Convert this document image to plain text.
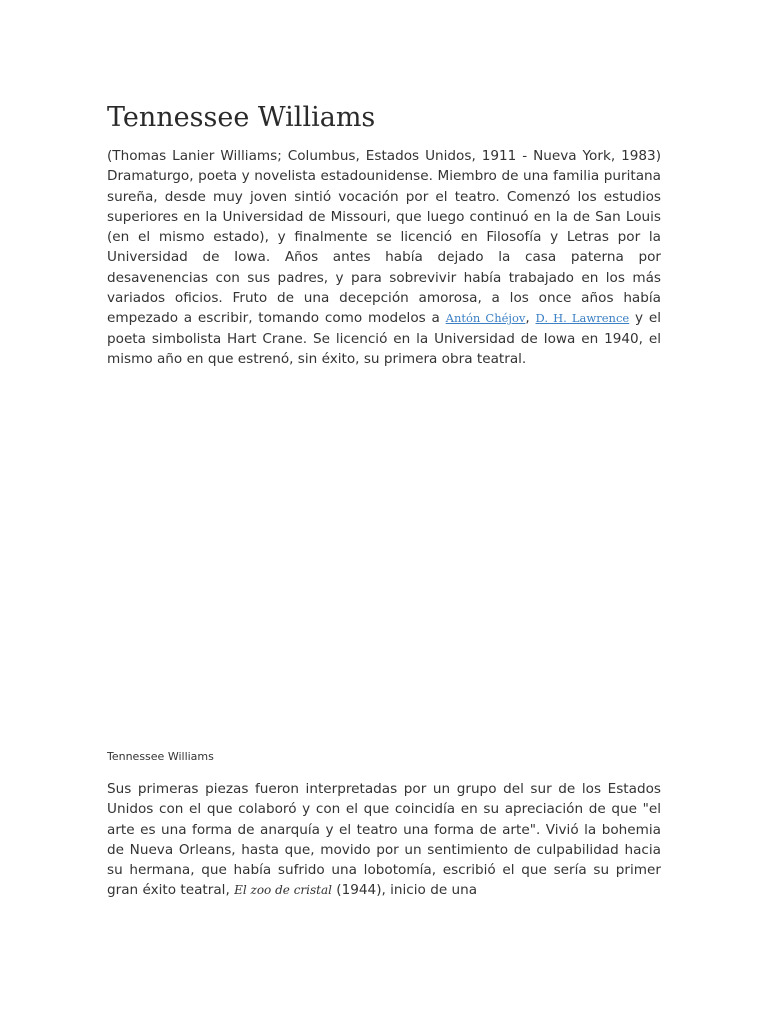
Tennessee Williams

(Thomas Lanier Williams; Columbus, Estados Unidos, 1911 - Nueva York, 1983) Dramaturgo, poeta y novelista estadounidense. Miembro de una familia puritana sureña, desde muy joven sintió vocación por el teatro. Comenzó los estudios superiores en la Universidad de Missouri, que luego continuó en la de San Louis (en el mismo estado), y finalmente se licenció en Filosofía y Letras por la Universidad de Iowa. Años antes había dejado la casa paterna por desavenencias con sus padres, y para sobrevivir había trabajado en los más variados oficios. Fruto de una decepción amorosa, a los once años había empezado a escribir, tomando como modelos a Antón Chéjov, D. H. Lawrence y el poeta simbolista Hart Crane. Se licenció en la Universidad de Iowa en 1940, el mismo año en que estrenó, sin éxito, su primera obra teatral.

Tennessee Williams

Sus primeras piezas fueron interpretadas por un grupo del sur de los Estados Unidos con el que colaboró y con el que coincidía en su apreciación de que "el arte es una forma de anarquía y el teatro una forma de arte". Vivió la bohemia de Nueva Orleans, hasta que, movido por un sentimiento de culpabilidad hacia su hermana, que había sufrido una lobotomía, escribió el que sería su primer gran éxito teatral, El zoo de cristal (1944), inicio de una
